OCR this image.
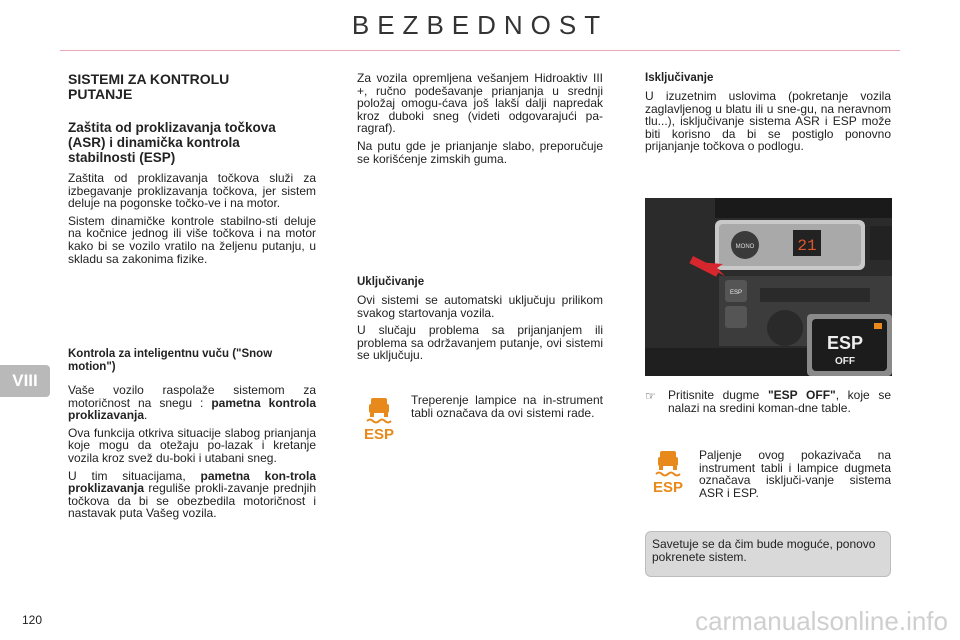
BEZBEDNOST
VIII
120	carmanualsonline.info
SISTEMI ZA KONTROLU PUTANJE
Zaštita od proklizavanja točkova (ASR) i dinamička kontrola stabilnosti (ESP)

Zaštita od proklizavanja točkova služi za izbegavanje proklizavanja točkova, jer sistem deluje na pogonske točko-ve i na motor.

Sistem dinamičke kontrole stabilno-sti deluje na kočnice jednog ili više točkova i na motor kako bi se vozilo vratilo na željenu putanju, u skladu sa zakonima fizike.

Kontrola za inteligentnu vuču ("Snow motion")

Vaše vozilo raspolaže sistemom za motoričnost na snegu : pametna kontrola proklizavanja.

Ova funkcija otkriva situacije slabog prianjanja koje mogu da otežaju po-lazak i kretanje vozila kroz svež du-boki i utabani sneg.

U tim situacijama, pametna kon-trola proklizavanja reguliše prokli-zavanje prednjih točkova da bi se obezbedila motoričnost i nastavak puta Vašeg vozila.

Za vozila opremljena vešanjem Hidroaktiv III +, ručno podešavanje prianjanja u srednji položaj omogu-ćava još lakši dalji napredak kroz duboki sneg (videti odgovarajući pa-ragraf).

Na putu gde je prianjanje slabo, preporučuje se korišćenje zimskih guma.

Uključivanje

Ovi sistemi se automatski uključuju prilikom svakog startovanja vozila.

U slučaju problema sa prijanjanjem ili problema sa održavanjem putanje, ovi sistemi se uključuju.

ESP

Treperenje lampice na in-strument tabli označava da ovi sistemi rade.

Isključivanje

U izuzetnim uslovima (pokretanje vozila zaglavljenog u blatu ili u sne-gu, na neravnom tlu...), isključivanje sistema ASR i ESP može biti korisno da bi se postiglo ponovno prijanjanje točkova o podlogu.

MONO	21
ESP
ESP
OFF
☞ Pritisnite dugme "ESP OFF", koje se nalazi na sredini koman-dne table.

ESP

Paljenje ovog pokazivača na instrument tabli i lampice dugmeta označava isključi-vanje sistema ASR i ESP.

Savetuje se da čim bude moguće, ponovo pokrenete sistem.
